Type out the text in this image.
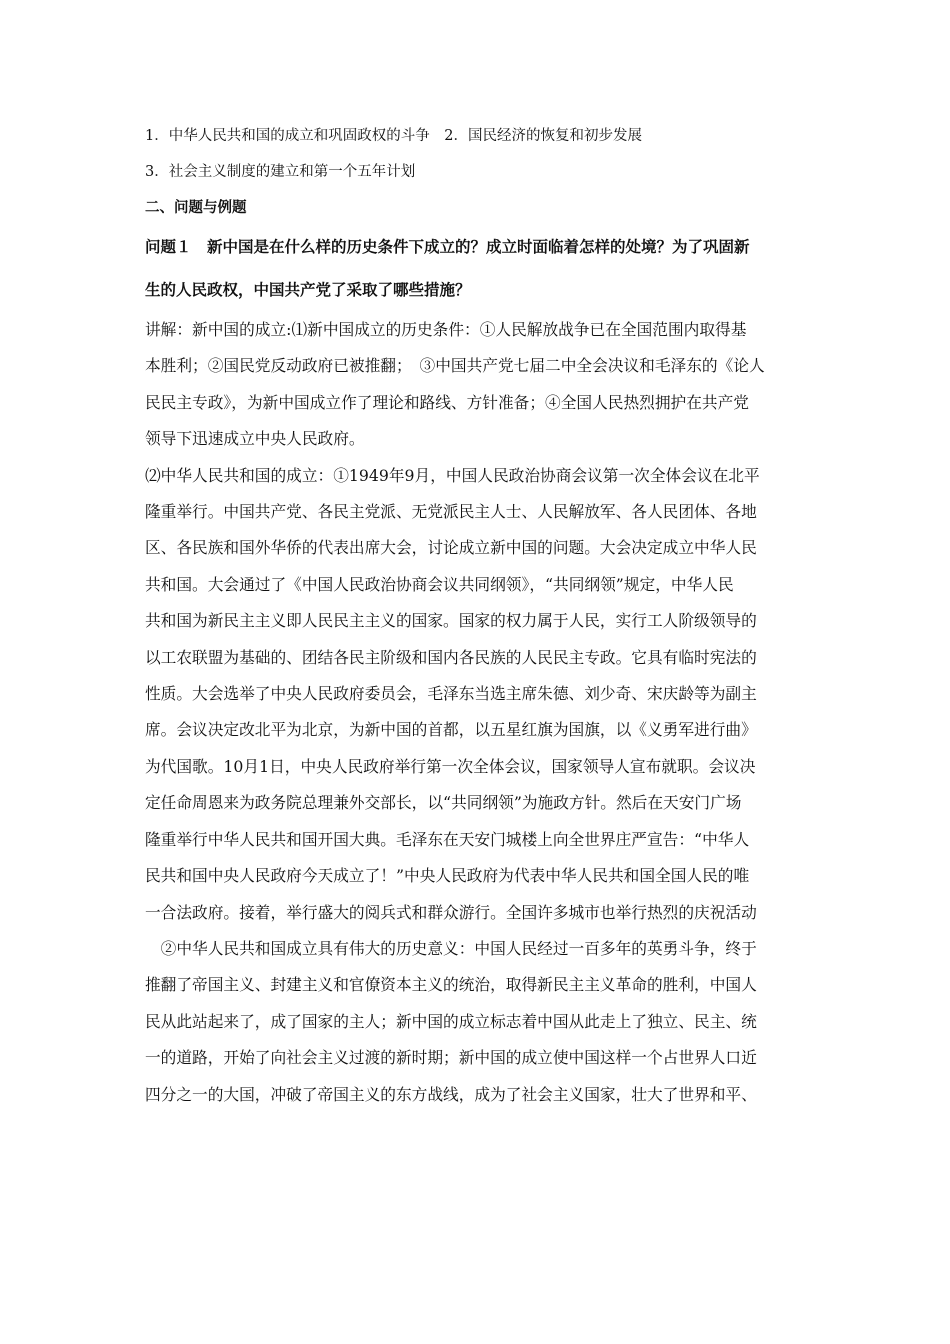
1．中华人民共和国的成立和巩固政权的斗争　2．国民经济的恢复和初步发展
3．社会主义制度的建立和第一个五年计划
二、问题与例题
问题１　新中国是在什么样的历史条件下成立的？成立时面临着怎样的处境？为了巩固新
生的人民政权，中国共产党了采取了哪些措施？
讲解：新中国的成立:⑴新中国成立的历史条件：①人民解放战争已在全国范围内取得基
本胜利；②国民党反动政府已被推翻；　③中国共产党七届二中全会决议和毛泽东的《论人
民民主专政》，为新中国成立作了理论和路线、方针准备；④全国人民热烈拥护在共产党
领导下迅速成立中央人民政府。
⑵中华人民共和国的成立：①1949年9月，中国人民政治协商会议第一次全体会议在北平
隆重举行。中国共产党、各民主党派、无党派民主人士、人民解放军、各人民团体、各地
区、各民族和国外华侨的代表出席大会，讨论成立新中国的问题。大会决定成立中华人民
共和国。大会通过了《中国人民政治协商会议共同纲领》，“共同纲领”规定，中华人民
共和国为新民主主义即人民民主主义的国家。国家的权力属于人民，实行工人阶级领导的
以工农联盟为基础的、团结各民主阶级和国内各民族的人民民主专政。它具有临时宪法的
性质。大会选举了中央人民政府委员会，毛泽东当选主席朱德、刘少奇、宋庆龄等为副主
席。会议决定改北平为北京，为新中国的首都，以五星红旗为国旗，以《义勇军进行曲》
为代国歌。10月1日，中央人民政府举行第一次全体会议，国家领导人宣布就职。会议决
定任命周恩来为政务院总理兼外交部长，以“共同纲领”为施政方针。然后在天安门广场
隆重举行中华人民共和国开国大典。毛泽东在天安门城楼上向全世界庄严宣告：“中华人
民共和国中央人民政府今天成立了！”中央人民政府为代表中华人民共和国全国人民的唯
一合法政府。接着，举行盛大的阅兵式和群众游行。全国许多城市也举行热烈的庆祝活动
　②中华人民共和国成立具有伟大的历史意义：中国人民经过一百多年的英勇斗争，终于
推翻了帝国主义、封建主义和官僚资本主义的统治，取得新民主主义革命的胜利，中国人
民从此站起来了，成了国家的主人；新中国的成立标志着中国从此走上了独立、民主、统
一的道路，开始了向社会主义过渡的新时期；新中国的成立使中国这样一个占世界人口近
四分之一的大国，冲破了帝国主义的东方战线，成为了社会主义国家，壮大了世界和平、
